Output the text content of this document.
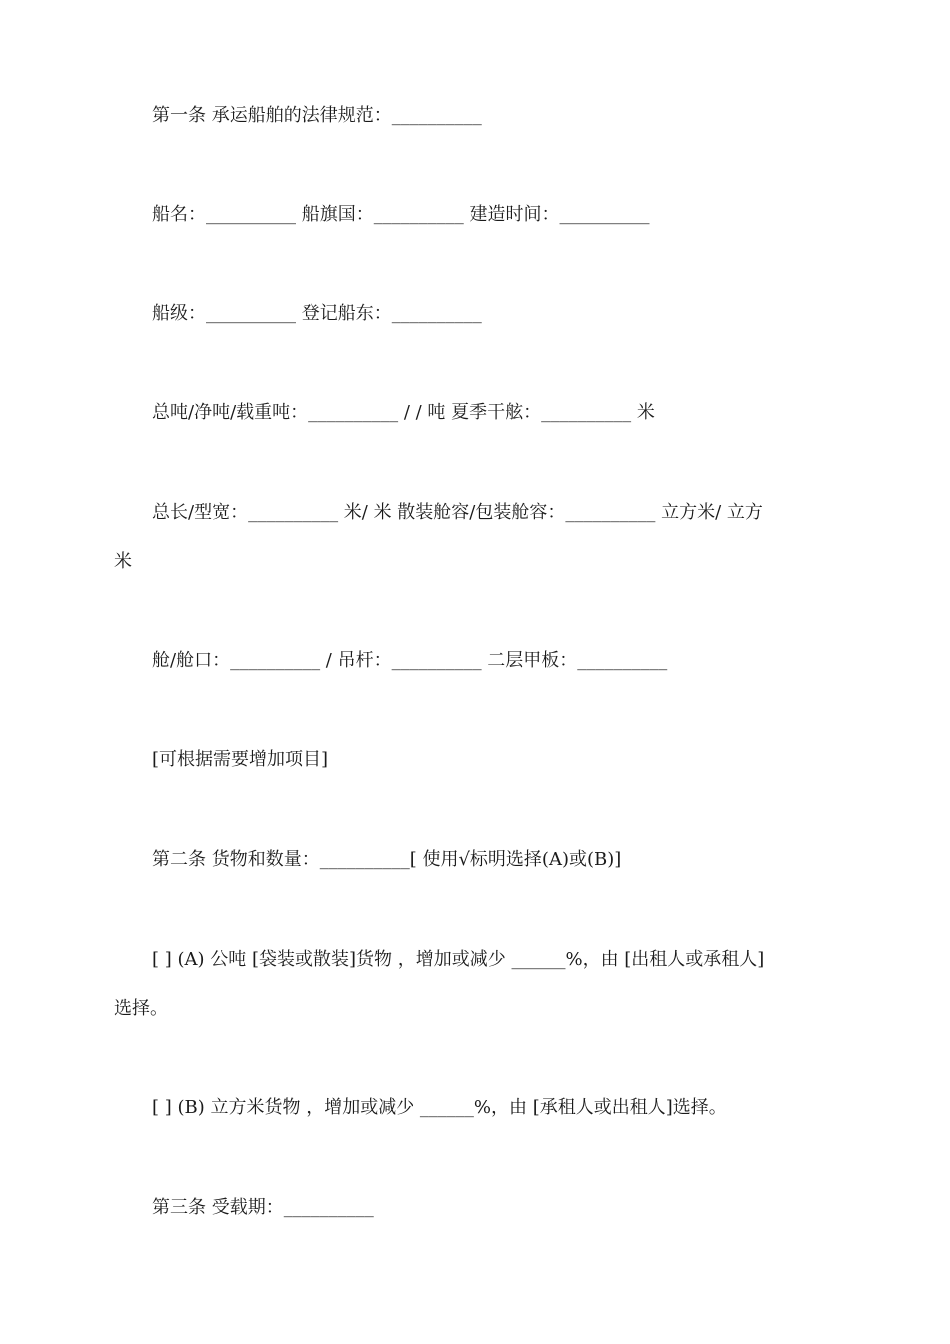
第一条 承运船舶的法律规范：__________
船名：__________ 船旗国：__________ 建造时间：__________
船级：__________ 登记船东：__________
总吨/净吨/载重吨：__________ / / 吨 夏季干舷：__________ 米
总长/型宽：__________ 米/ 米 散装舱容/包装舱容：__________ 立方米/ 立方
米
舱/舱口：__________ / 吊杆：__________ 二层甲板：__________
[可根据需要增加项目]
第二条 货物和数量：__________[ 使用√标明选择(A)或(B)]
[ ] (A) 公吨 [袋装或散装]货物 ，增加或减少 ______%，由 [出租人或承租人]
选择。
[ ] (B) 立方米货物 ，增加或减少 ______%，由 [承租人或出租人]选择。
第三条 受载期：__________
